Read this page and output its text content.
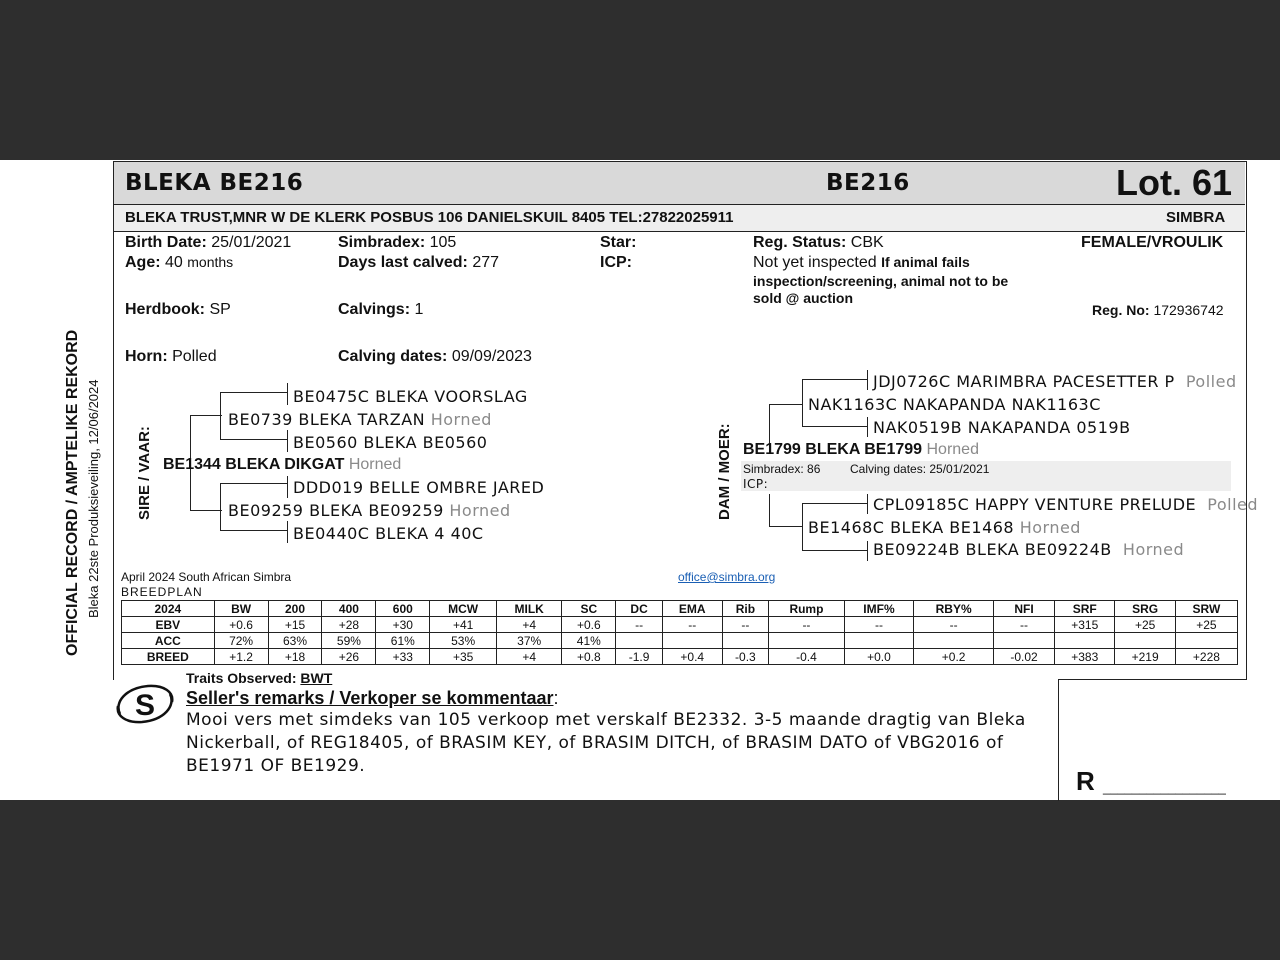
BLEKA BE216	BE216	Lot. 61
BLEKA TRUST,MNR W DE KLERK POSBUS 106 DANIELSKUIL 8405 TEL:27822025911	SIMBRA
Birth Date: 25/01/2021
Age: 40 months
Simbradex: 105
Days last calved: 277
Star:
ICP:
Reg. Status: CBK
Not yet inspected If animal fails
inspection/screening, animal not to be
sold @ auction
FEMALE/VROULIK
Herdbook: SP	Calvings: 1	Reg. No: 172936742
Horn: Polled	Calving dates: 09/09/2023
OFFICIAL RECORD / AMPTELIKE REKORD Bleka 22ste Produksieveiling, 12/06/2024 SIRE / VAAR:
BE0475C BLEKA VOORSLAG
BE0739 BLEKA TARZAN Horned
BE0560 BLEKA BE0560
BE1344 BLEKA DIKGAT Horned
DDD019 BELLE OMBRE JARED
BE09259 BLEKA BE09259 Horned
BE0440C BLEKA 4 40C
DAM / MOER:
JDJ0726C MARIMBRA PACESETTER P Polled
NAK1163C NAKAPANDA NAK1163C
NAK0519B NAKAPANDA 0519B
BE1799 BLEKA BE1799 Horned
Simbradex: 86 Calving dates: 25/01/2021
ICP:
CPL09185C HAPPY VENTURE PRELUDE Polled
BE1468C BLEKA BE1468 Horned
BE09224B BLEKA BE09224B Horned
April 2024 South African Simbra	office@simbra.org
BREEDPLAN
2024	BW	200	400	600	MCW	MILK	SC	DC	EMA	Rib	Rump	IMF%	RBY%	NFI	SRF	SRG	SRW
EBV	+0.6	+15	+28	+30	+41	+4	+0.6	--	--	--	--	--	--	--	+315	+25	+25
ACC	72%	63%	59%	61%	53%	37%	41%										
BREED	+1.2	+18	+26	+33	+35	+4	+0.8	-1.9	+0.4	-0.3	-0.4	+0.0	+0.2	-0.02	+383	+219	+228
S
Traits Observed: BWT
Seller's remarks / Verkoper se kommentaar:
Mooi vers met simdeks van 105 verkoop met verskalf BE2332. 3-5 maande dragtig van Bleka
Nickerball, of REG18405, of BRASIM KEY, of BRASIM DITCH, of BRASIM DATO of VBG2016 of
BE1971 OF BE1929.	R _________________
